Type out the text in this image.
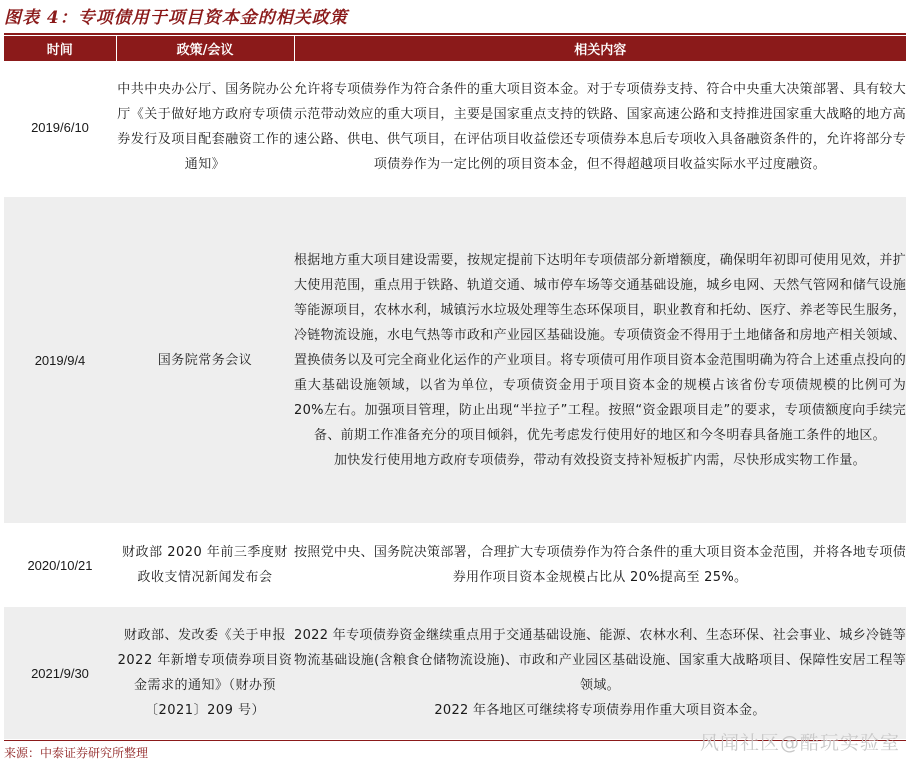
图表 4：专项债用于项目资本金的相关政策
时间	政策/会议	相关内容
2019/6/10	中共中央办公厅、国务院办公厅《关于做好地方政府专项债券发行及项目配套融资工作的通知》	允许将专项债券作为符合条件的重大项目资本金。对于专项债券支持、符合中央重大决策部署、具有较大示范带动效应的重大项目，主要是国家重点支持的铁路、国家高速公路和支持推进国家重大战略的地方高速公路、供电、供气项目，在评估项目收益偿还专项债券本息后专项收入具备融资条件的，允许将部分专项债券作为一定比例的项目资本金，但不得超越项目收益实际水平过度融资。

2019/9/4	国务院常务会议	根据地方重大项目建设需要，按规定提前下达明年专项债部分新增额度，确保明年初即可使用见效，并扩大使用范围，重点用于铁路、轨道交通、城市停车场等交通基础设施，城乡电网、天然气管网和储气设施等能源项目，农林水利，城镇污水垃圾处理等生态环保项目，职业教育和托幼、医疗、养老等民生服务，冷链物流设施，水电气热等市政和产业园区基础设施。专项债资金不得用于土地储备和房地产相关领域、置换债务以及可完全商业化运作的产业项目。将专项债可用作项目资本金范围明确为符合上述重点投向的重大基础设施领域，以省为单位，专项债资金用于项目资本金的规模占该省份专项债规模的比例可为 20%左右。加强项目管理，防止出现“半拉子”工程。按照“资金跟项目走”的要求，专项债额度向手续完备、前期工作准备充分的项目倾斜，优先考虑发行使用好的地区和今冬明春具备施工条件的地区。

加快发行使用地方政府专项债券，带动有效投资支持补短板扩内需，尽快形成实物工作量。

2020/10/21	财政部 2020 年前三季度财政收支情况新闻发布会	按照党中央、国务院决策部署，合理扩大专项债券作为符合条件的重大项目资本金范围，并将各地专项债券用作项目资本金规模占比从 20%提高至 25%。

2021/9/30	财政部、发改委《关于申报 2022 年新增专项债券项目资金需求的通知》（财办预〔2021〕209 号）	2022 年专项债券资金继续重点用于交通基础设施、能源、农林水利、生态环保、社会事业、城乡冷链等物流基础设施(含粮食仓储物流设施)、市政和产业园区基础设施、国家重大战略项目、保障性安居工程等领域。

2022 年各地区可继续将专项债券用作重大项目资本金。

来源：中泰证券研究所整理	风闻社区@酷玩实验室
